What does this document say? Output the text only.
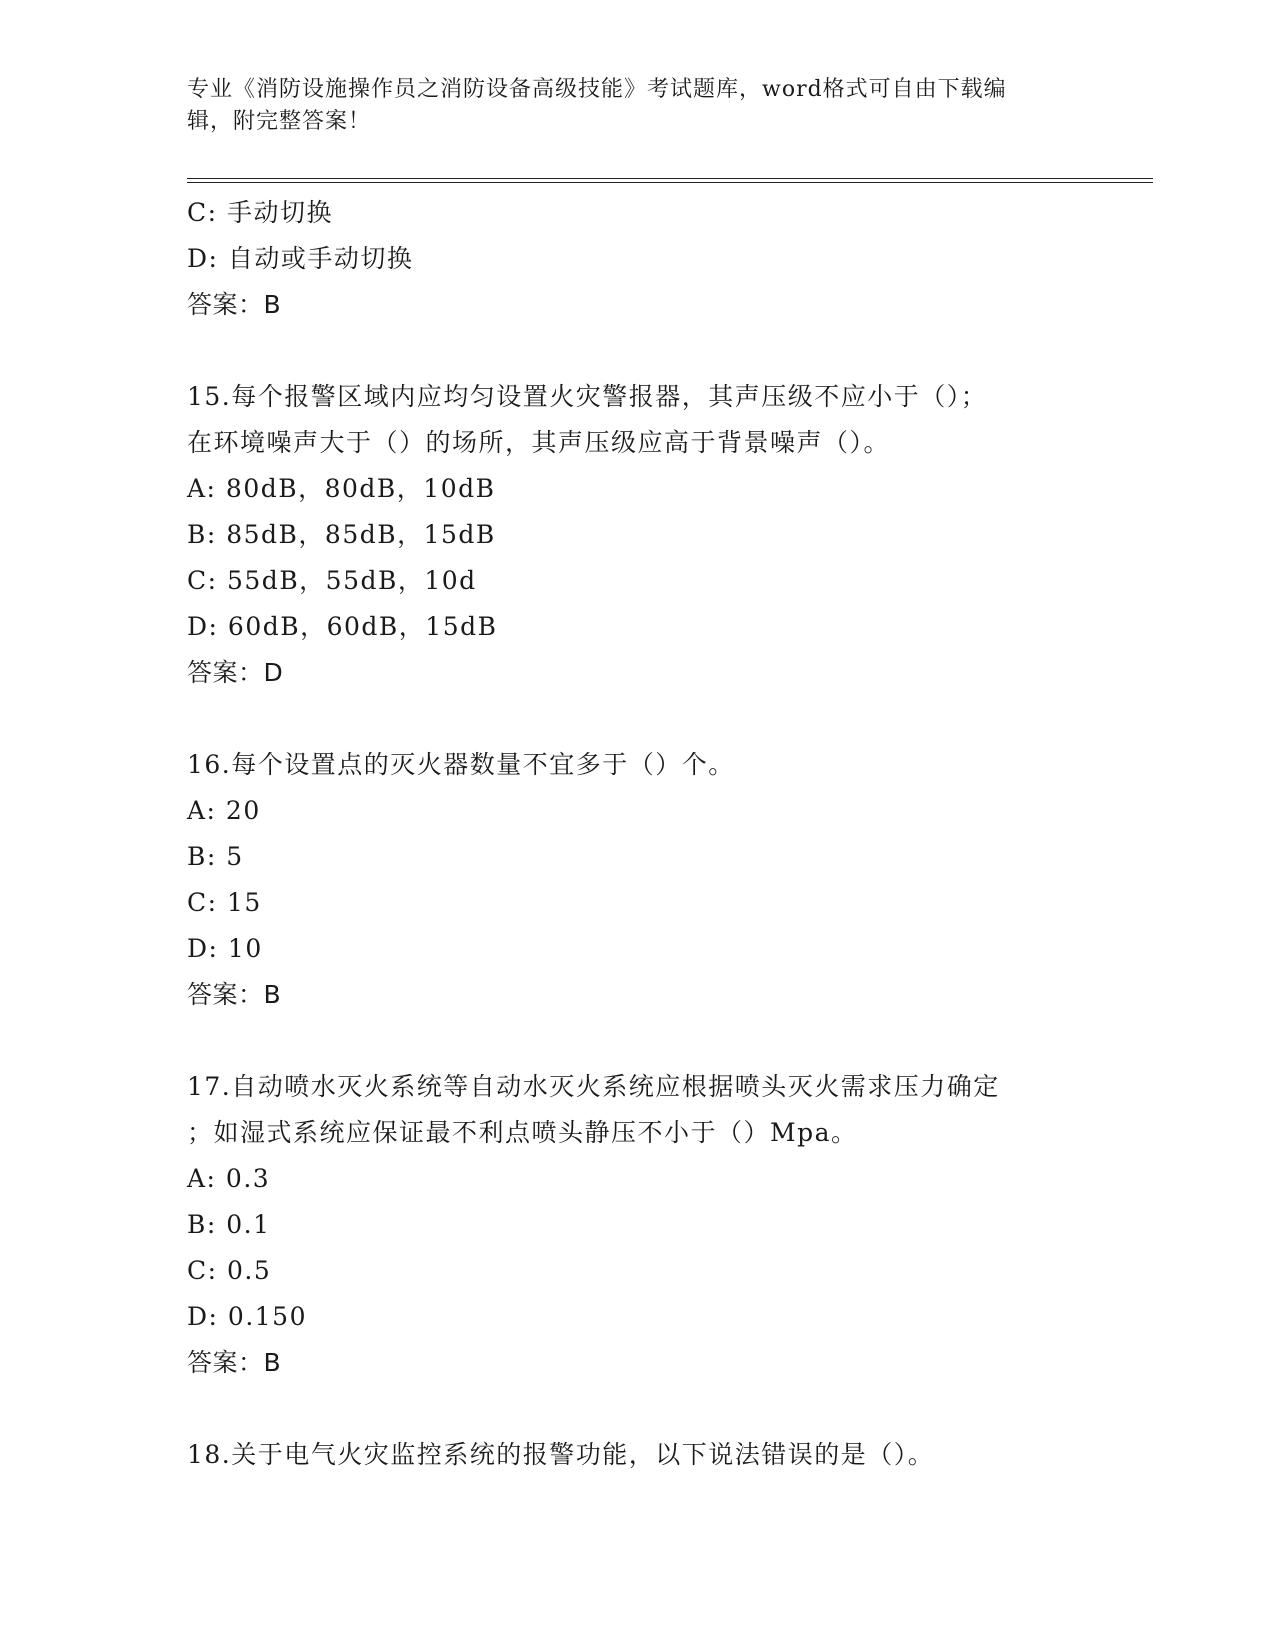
专业《消防设施操作员之消防设备高级技能》考试题库，word格式可自由下载编
辑，附完整答案！
C: 手动切换
D: 自动或手动切换
答案：B
15.每个报警区域内应均匀设置火灾警报器，其声压级不应小于（）；
在环境噪声大于（）的场所，其声压级应高于背景噪声（）。
A: 80dB，80dB，10dB
B: 85dB，85dB，15dB
C: 55dB，55dB，10d
D: 60dB，60dB，15dB
答案：D
16.每个设置点的灭火器数量不宜多于（）个。
A: 20
B: 5
C: 15
D: 10
答案：B
17.自动喷水灭火系统等自动水灭火系统应根据喷头灭火需求压力确定
；如湿式系统应保证最不利点喷头静压不小于（）Mpa。
A: 0.3
B: 0.1
C: 0.5
D: 0.150
答案：B
18.关于电气火灾监控系统的报警功能，以下说法错误的是（）。
